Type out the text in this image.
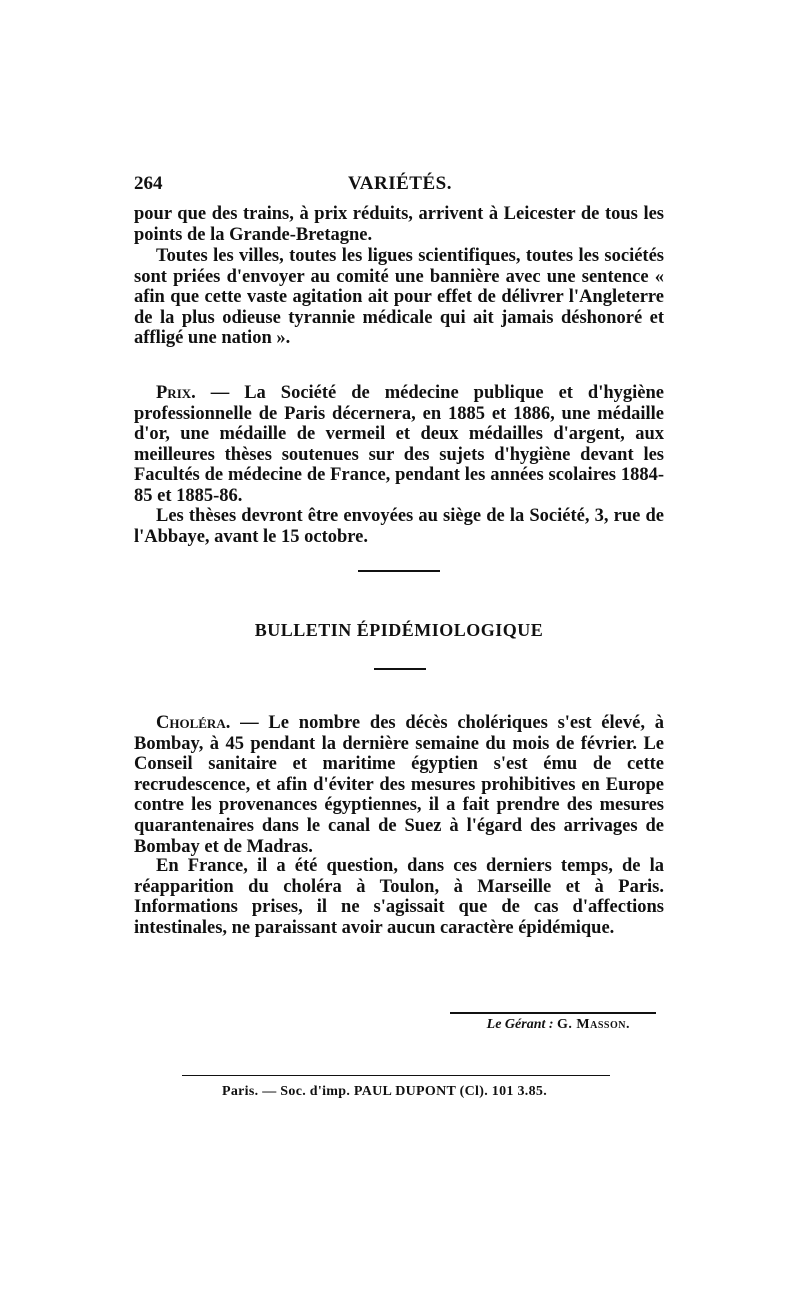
264	VARIÉTÉS.

pour que des trains, à prix réduits, arrivent à Leicester de tous les points de la Grande-Bretagne.

Toutes les villes, toutes les ligues scientifiques, toutes les sociétés sont priées d'envoyer au comité une bannière avec une sentence « afin que cette vaste agitation ait pour effet de délivrer l'Angleterre de la plus odieuse tyrannie médicale qui ait jamais déshonoré et affligé une nation ».

Prix. — La Société de médecine publique et d'hygiène professionnelle de Paris décernera, en 1885 et 1886, une médaille d'or, une médaille de vermeil et deux médailles d'argent, aux meilleures thèses soutenues sur des sujets d'hygiène devant les Facultés de médecine de France, pendant les années scolaires 1884-85 et 1885-86.

Les thèses devront être envoyées au siège de la Société, 3, rue de l'Abbaye, avant le 15 octobre.

BULLETIN ÉPIDÉMIOLOGIQUE

Choléra. — Le nombre des décès cholériques s'est élevé, à Bombay, à 45 pendant la dernière semaine du mois de février. Le Conseil sanitaire et maritime égyptien s'est ému de cette recrudescence, et afin d'éviter des mesures prohibitives en Europe contre les provenances égyptiennes, il a fait prendre des mesures quarantenaires dans le canal de Suez à l'égard des arrivages de Bombay et de Madras.

En France, il a été question, dans ces derniers temps, de la réapparition du choléra à Toulon, à Marseille et à Paris. Informations prises, il ne s'agissait que de cas d'affections intestinales, ne paraissant avoir aucun caractère épidémique.

Le Gérant : G. Masson.
Paris. — Soc. d'imp. PAUL DUPONT (Cl). 101 3.85.
